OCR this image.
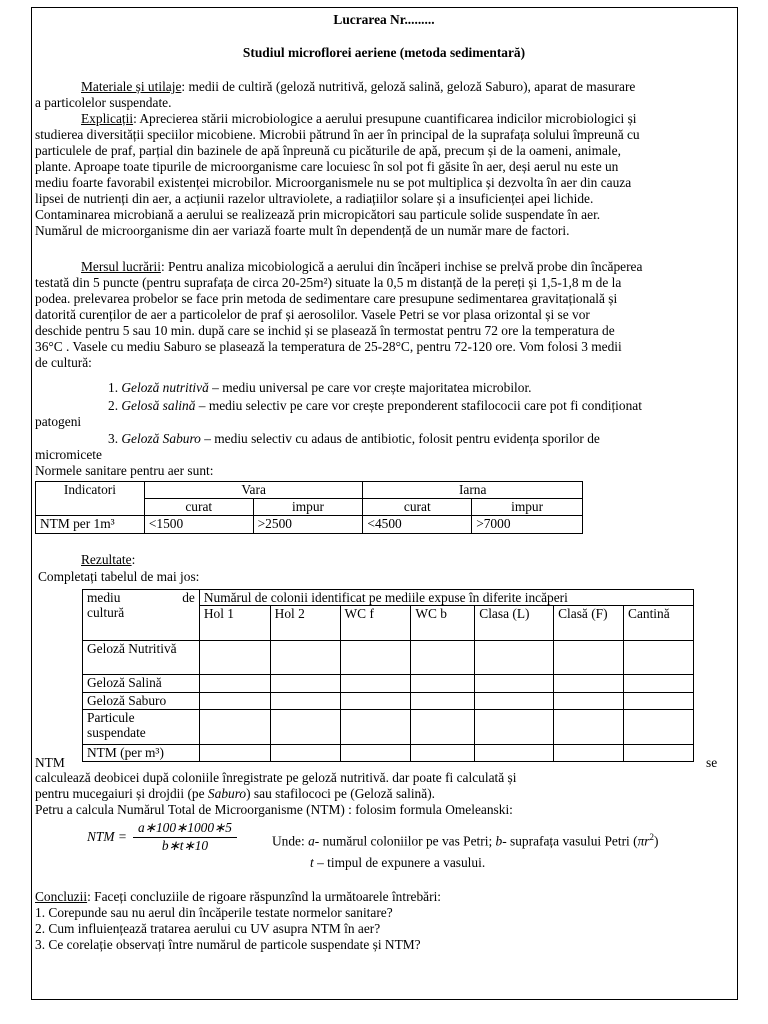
Lucrarea Nr.........
Studiul microflorei aeriene (metoda sedimentară)
Materiale și utilaje: medii de cultiră (geloză nutritivă, geloză salină, geloză Saburo), aparat de masurare
a particolelor suspendate.
Explicații: Aprecierea stării microbiologice a aerului presupune cuantificarea indicilor microbiologici și
studierea diversității speciilor micobiene. Microbii pătrund în aer în principal de la suprafața solului împreună cu
particulele de praf, parțial din bazinele de apă înpreună cu picăturile de apă, precum și de la oameni, animale,
plante. Aproape toate tipurile de microorganisme care locuiesc în sol pot fi găsite în aer, deși aerul nu este un
mediu foarte favorabil existenței microbilor. Microorganismele nu se pot multiplica și dezvolta în aer din cauza
lipsei de nutrienți din aer, a acțiunii razelor ultraviolete, a radiațiilor solare și a insuficienței apei lichide.
Contaminarea microbiană a aerului se realizează prin micropicători sau particule solide suspendate în aer.
Numărul de microorganisme din aer variază foarte mult în dependență de un număr mare de factori.
Mersul lucrării: Pentru analiza micobiologică a aerului din încăperi inchise se prelvă probe din încăperea
testată din 5 puncte (pentru suprafața de circa 20-25m²) situate la 0,5 m distanță de la pereți și 1,5-1,8 m de la
podea. prelevarea probelor se face prin metoda de sedimentare care presupune sedimentarea gravitațională și
datorită curenților de aer a particolelor de praf și aerosolilor. Vasele Petri se vor plasa orizontal și se vor
deschide pentru 5 sau 10 min. după care se inchid și se plasează în termostat pentru 72 ore la temperatura de
36°C . Vasele cu mediu Saburo se plasează la temperatura de 25-28°C, pentru 72-120 ore. Vom folosi 3 medii
de cultură:
1. Geloză nutritivă – mediu universal pe care vor crește majoritatea microbilor.
2. Gelosă salină – mediu selectiv pe care vor crește preponderent stafilococii care pot fi condiționat
patogeni
3. Geloză Saburo – mediu selectiv cu adaus de antibiotic, folosit pentru evidența sporilor de
micromicete
Normele sanitare pentru aer sunt:
Indicatori	Vara		Iarna	
	curat	impur	curat	impur
NTM per 1m³	<1500	>2500	<4500	>7000
Rezultate:
Completați tabelul de mai jos:
mediu de
cultură	Numărul de colonii identificat pe mediile expuse în diferite incăperi						
	Hol 1	Hol 2	WC f	WC b	Clasa (L)	Clasă (F)	Cantină
Geloză Nutritivă							
Geloză Salină							
Geloză Saburo							
Particule suspendate							
NTM (per m³)							
NTM	se
calculează deobicei după coloniile înregistrate pe geloză nutritivă. dar poate fi calculată și
pentru mucegaiuri și drojdii (pe Saburo) sau stafilococi pe (Geloză salină).
Petru a calcula Numărul Total de Microorganisme (NTM) : folosim formula Omeleanski:
NTM =
a∗100∗1000∗5
b∗t∗10	Unde: a- numărul coloniilor pe vas Petri; b- suprafața vasului Petri $(\pi r^2)$
t – timpul de expunere a vasului.
Concluzii: Faceți concluziile de rigoare răspunzînd la următoarele întrebări:
1. Corepunde sau nu aerul din încăperile testate normelor sanitare?
2. Cum influiențează tratarea aerului cu UV asupra NTM în aer?
3. Ce corelație observați între numărul de particole suspendate și NTM?
